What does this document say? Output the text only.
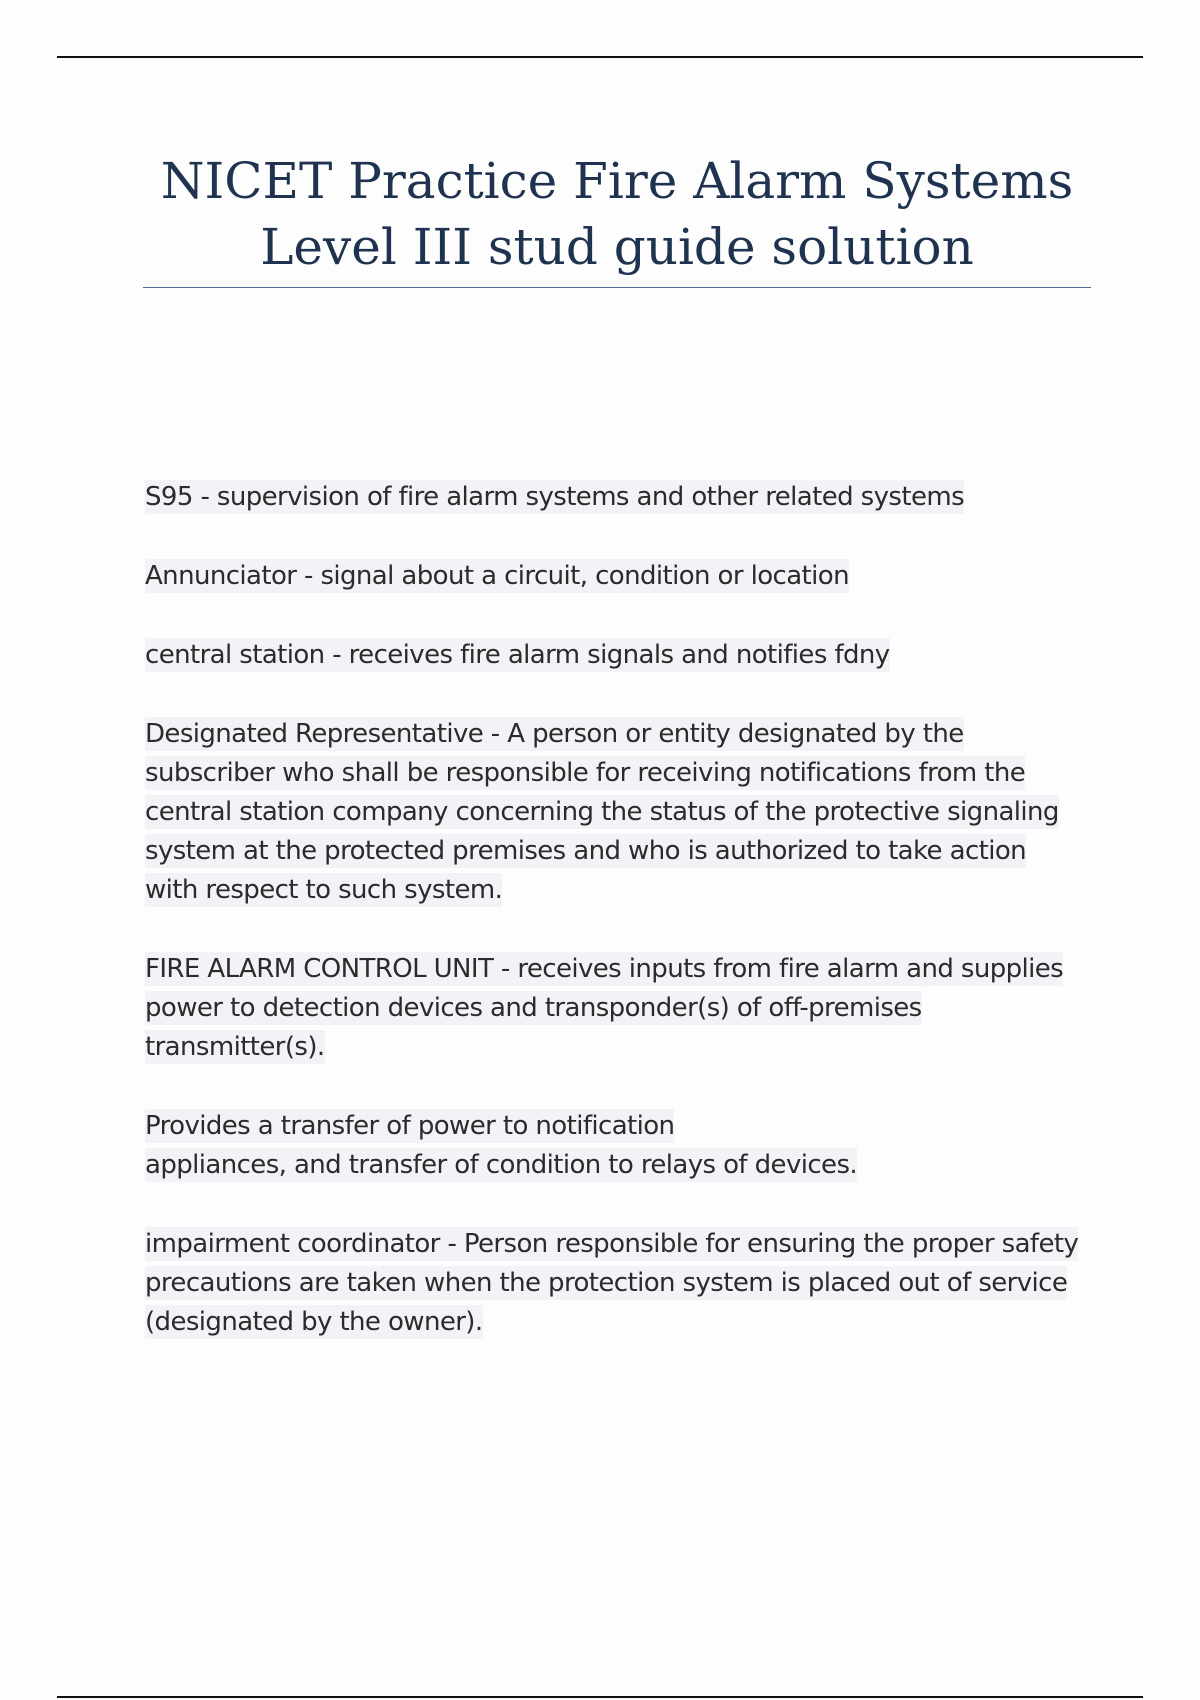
NICET Practice Fire Alarm Systems
Level III stud guide solution

S95 - supervision of fire alarm systems and other related systems

Annunciator - signal about a circuit, condition or location

central station - receives fire alarm signals and notifies fdny

Designated Representative - A person or entity designated by the subscriber who shall be responsible for receiving notifications from the central station company concerning the status of the protective signaling system at the protected premises and who is authorized to take action with respect to such system.

FIRE ALARM CONTROL UNIT - receives inputs from fire alarm and supplies
power to detection devices and transponder(s) of off-premises transmitter(s).

Provides a transfer of power to notification
appliances, and transfer of condition to relays of devices.

impairment coordinator - Person responsible for ensuring the proper safety precautions are taken when the protection system is placed out of service (designated by the owner).
